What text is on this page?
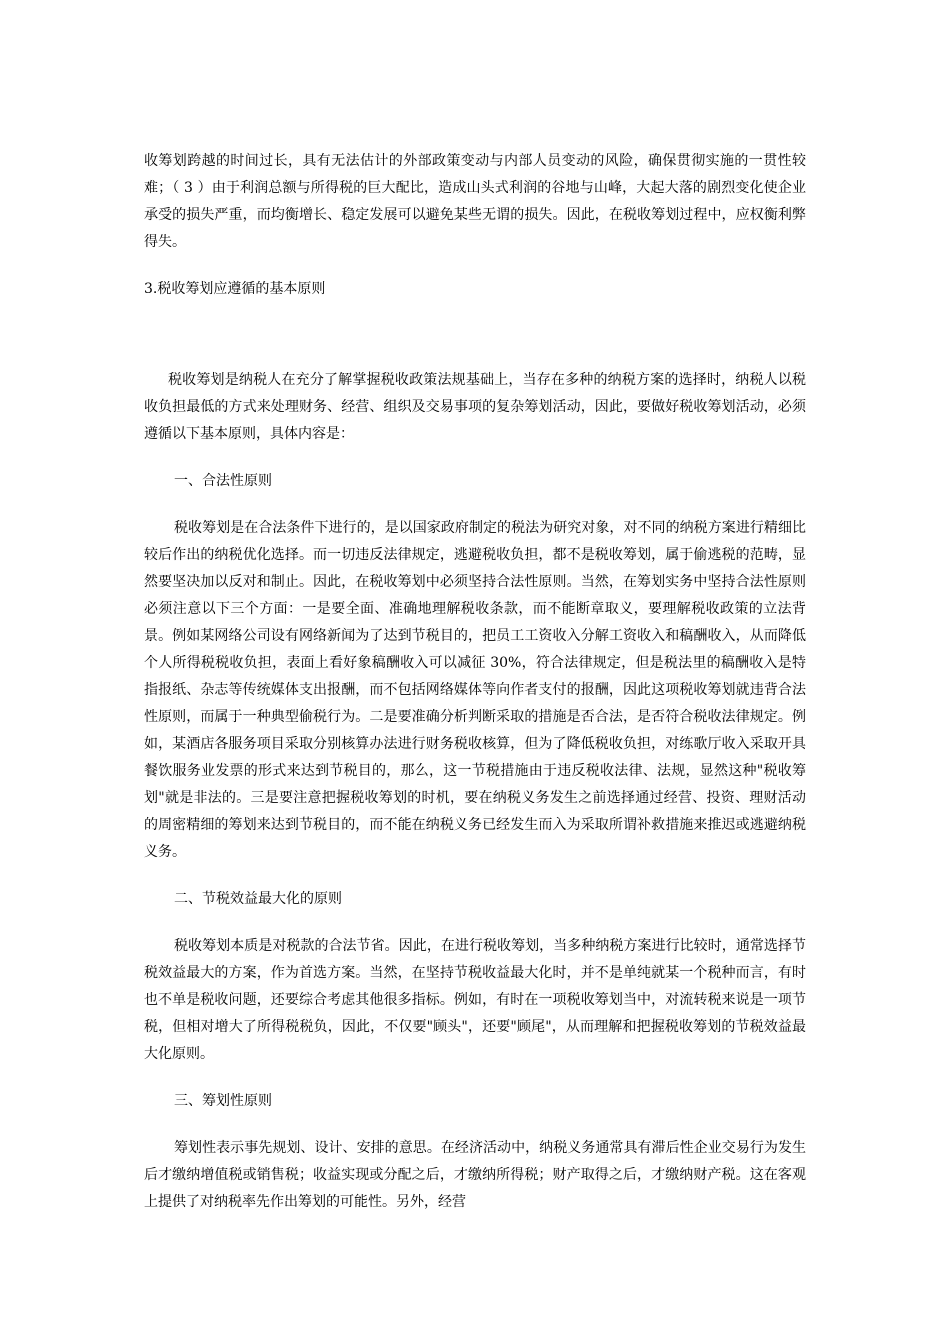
收筹划跨越的时间过长，具有无法估计的外部政策变动与内部人员变动的风险，确保贯彻实施的一贯性较难；（ 3 ）由于利润总额与所得税的巨大配比，造成山头式利润的谷地与山峰，大起大落的剧烈变化使企业承受的损失严重，而均衡增长、稳定发展可以避免某些无谓的损失。因此，在税收筹划过程中，应权衡利弊得失。

3.税收筹划应遵循的基本原则

税收筹划是纳税人在充分了解掌握税收政策法规基础上，当存在多种的纳税方案的选择时，纳税人以税收负担最低的方式来处理财务、经营、组织及交易事项的复杂筹划活动，因此，要做好税收筹划活动，必须遵循以下基本原则，具体内容是：

一、合法性原则

税收筹划是在合法条件下进行的，是以国家政府制定的税法为研究对象，对不同的纳税方案进行精细比较后作出的纳税优化选择。而一切违反法律规定，逃避税收负担，都不是税收筹划，属于偷逃税的范畴，显然要坚决加以反对和制止。因此，在税收筹划中必须坚持合法性原则。当然，在筹划实务中坚持合法性原则必须注意以下三个方面：一是要全面、准确地理解税收条款，而不能断章取义，要理解税收政策的立法背景。例如某网络公司设有网络新闻为了达到节税目的，把员工工资收入分解工资收入和稿酬收入，从而降低个人所得税税收负担，表面上看好象稿酬收入可以减征 30%，符合法律规定，但是税法里的稿酬收入是特指报纸、杂志等传统媒体支出报酬，而不包括网络媒体等向作者支付的报酬，因此这项税收筹划就违背合法性原则，而属于一种典型偷税行为。二是要准确分析判断采取的措施是否合法，是否符合税收法律规定。例如，某酒店各服务项目采取分别核算办法进行财务税收核算，但为了降低税收负担，对练歌厅收入采取开具餐饮服务业发票的形式来达到节税目的，那么，这一节税措施由于违反税收法律、法规，显然这种"税收筹划"就是非法的。三是要注意把握税收筹划的时机，要在纳税义务发生之前选择通过经营、投资、理财活动的周密精细的筹划来达到节税目的，而不能在纳税义务已经发生而入为采取所谓补救措施来推迟或逃避纳税义务。

二、节税效益最大化的原则

税收筹划本质是对税款的合法节省。因此，在进行税收筹划，当多种纳税方案进行比较时，通常选择节税效益最大的方案，作为首选方案。当然，在坚持节税收益最大化时，并不是单纯就某一个税种而言，有时也不单是税收问题，还要综合考虑其他很多指标。例如，有时在一项税收筹划当中，对流转税来说是一项节税，但相对增大了所得税税负，因此，不仅要"顾头"，还要"顾尾"，从而理解和把握税收筹划的节税效益最大化原则。

三、筹划性原则

筹划性表示事先规划、设计、安排的意思。在经济活动中，纳税义务通常具有滞后性企业交易行为发生后才缴纳增值税或销售税；收益实现或分配之后，才缴纳所得税；财产取得之后，才缴纳财产税。这在客观上提供了对纳税率先作出筹划的可能性。另外，经营
